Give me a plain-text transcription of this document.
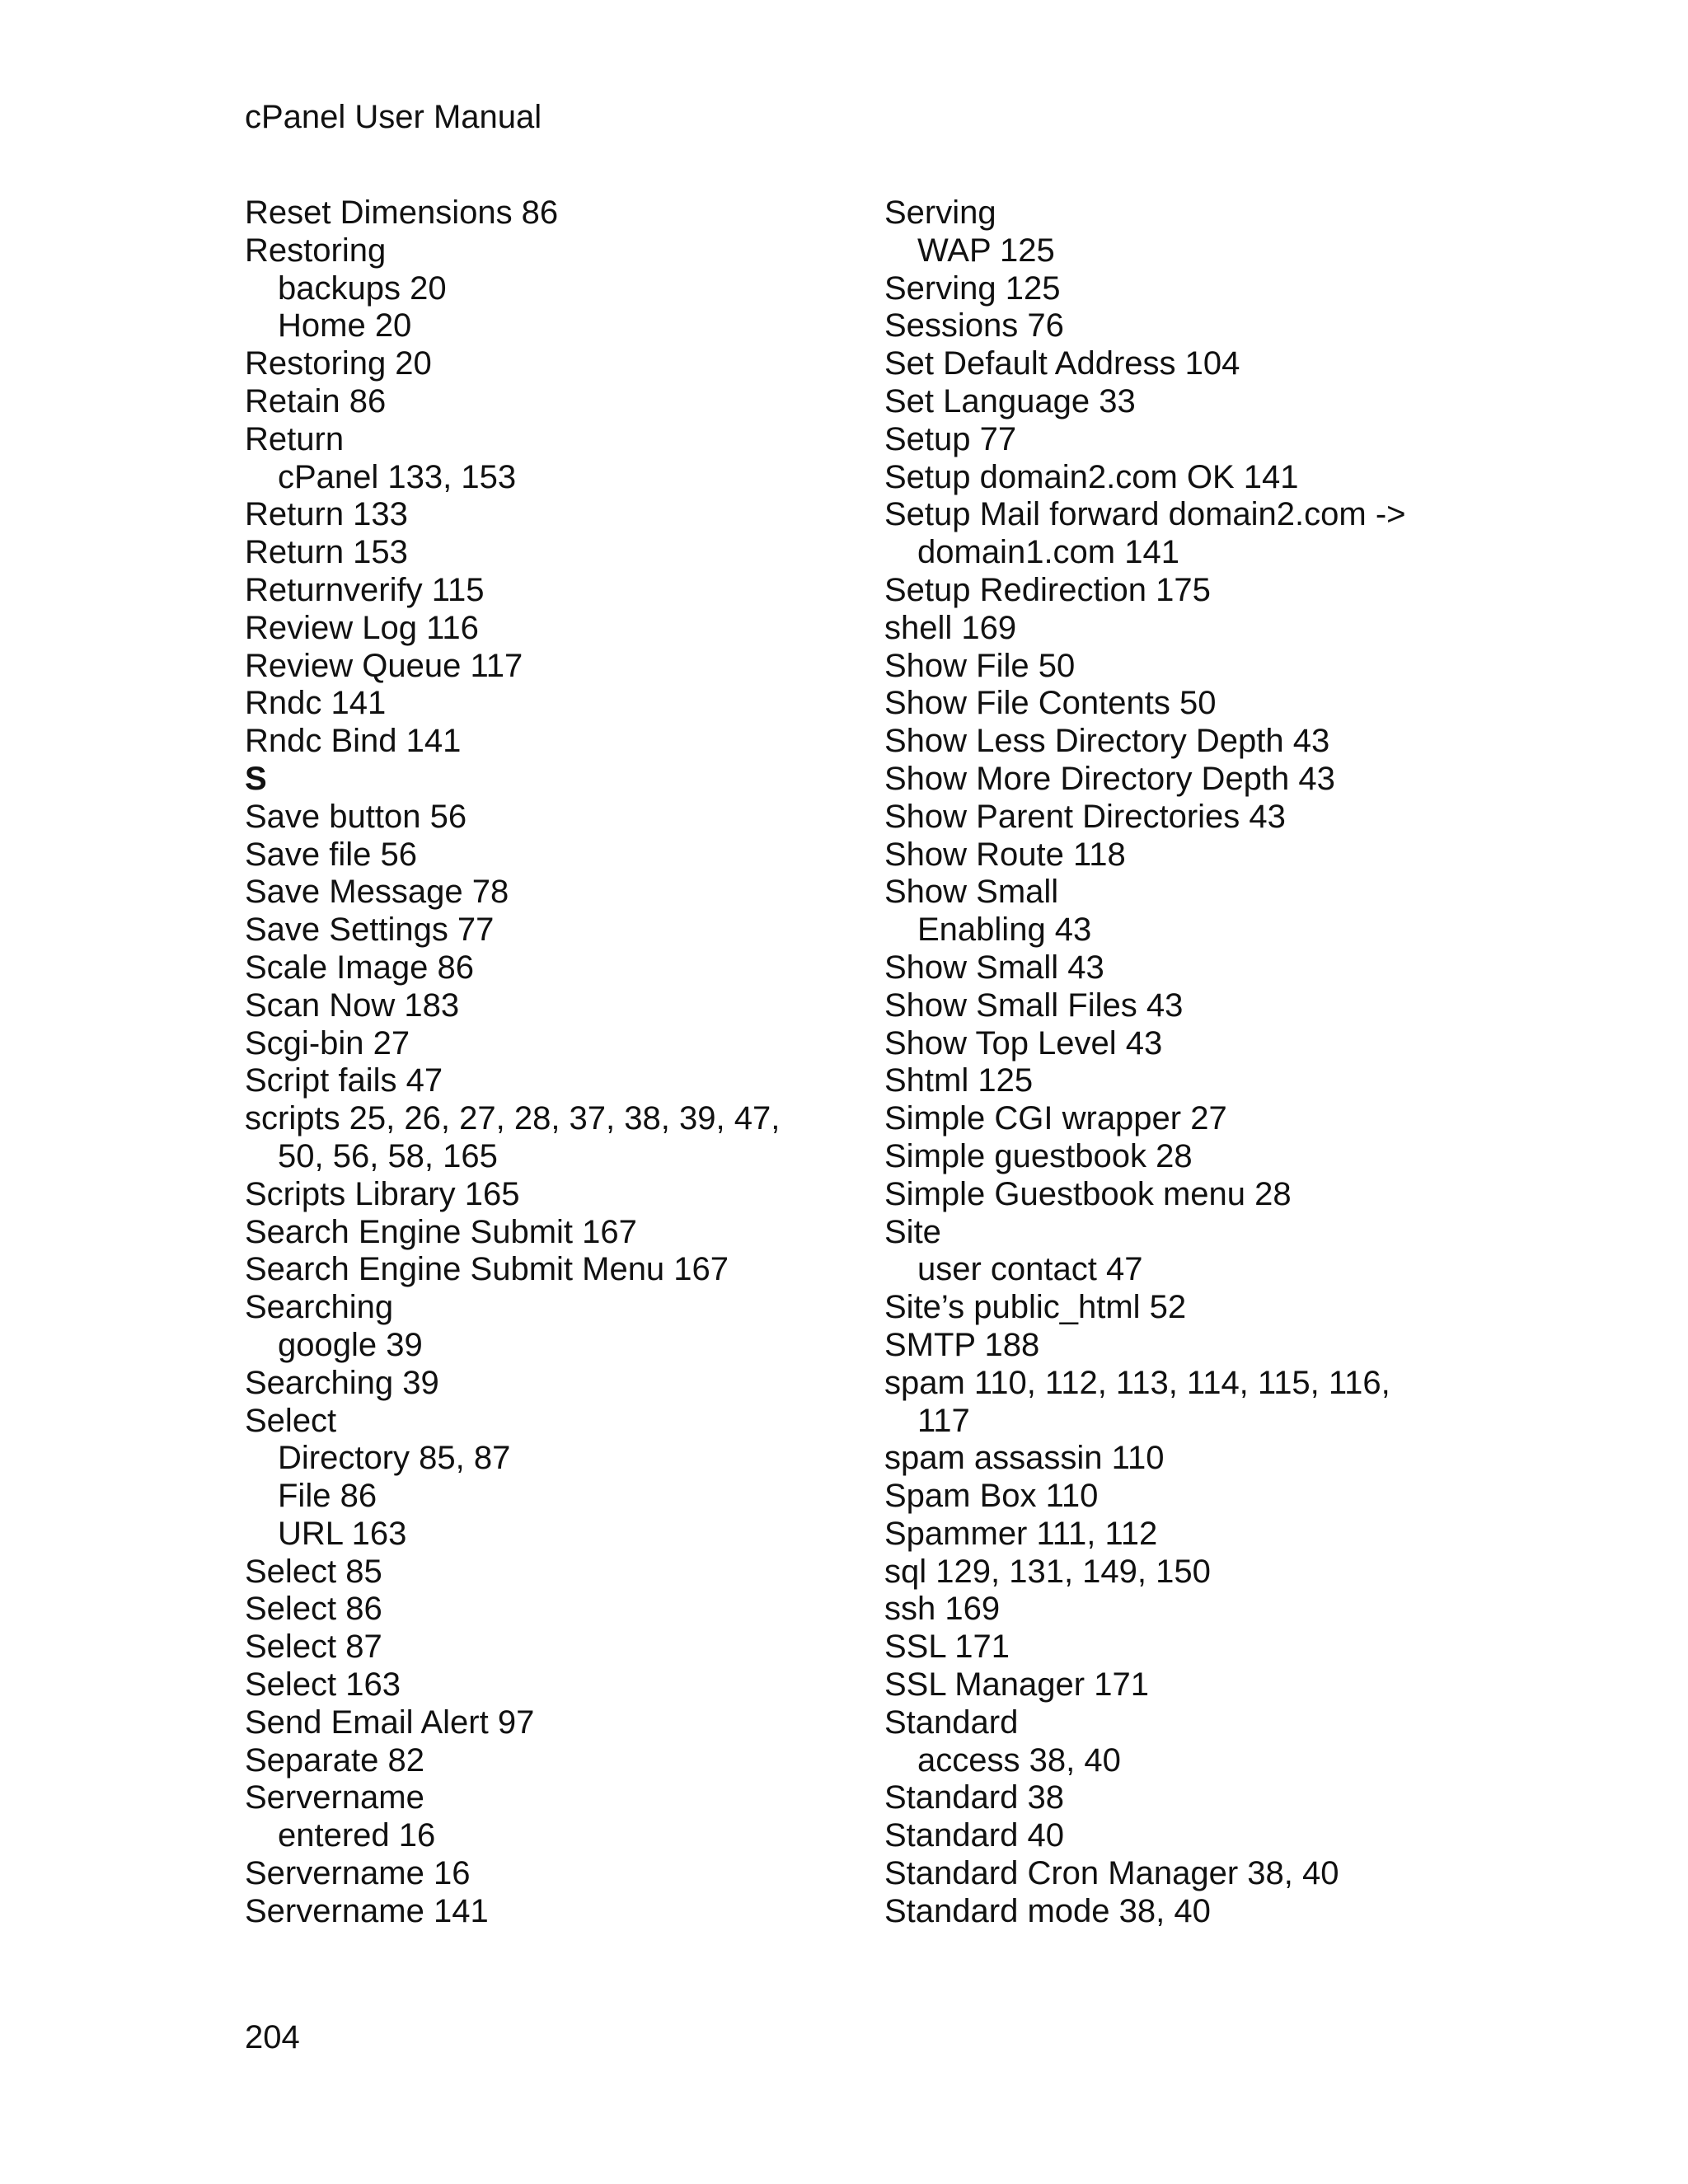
cPanel User Manual
Reset Dimensions 86
Restoring
backups 20
Home 20
Restoring 20
Retain 86
Return
cPanel 133, 153
Return 133
Return 153
Returnverify 115
Review Log 116
Review Queue 117
Rndc 141
Rndc Bind 141
S
Save button 56
Save file 56
Save Message 78
Save Settings 77
Scale Image 86
Scan Now 183
Scgi-bin 27
Script fails 47
scripts 25, 26, 27, 28, 37, 38, 39, 47,
50, 56, 58, 165
Scripts Library 165
Search Engine Submit 167
Search Engine Submit Menu 167
Searching
google 39
Searching 39
Select
Directory 85, 87
File 86
URL 163
Select 85
Select 86
Select 87
Select 163
Send Email Alert 97
Separate 82
Servername
entered 16
Servername 16
Servername 141
Serving
WAP 125
Serving 125
Sessions 76
Set Default Address 104
Set Language 33
Setup 77
Setup domain2.com OK 141
Setup Mail forward domain2.com ->
domain1.com 141
Setup Redirection 175
shell 169
Show File 50
Show File Contents 50
Show Less Directory Depth 43
Show More Directory Depth 43
Show Parent Directories 43
Show Route 118
Show Small
Enabling 43
Show Small 43
Show Small Files 43
Show Top Level 43
Shtml 125
Simple CGI wrapper 27
Simple guestbook 28
Simple Guestbook menu 28
Site
user contact 47
Site’s public_html 52
SMTP 188
spam 110, 112, 113, 114, 115, 116,
117
spam assassin 110
Spam Box 110
Spammer 111, 112
sql 129, 131, 149, 150
ssh 169
SSL 171
SSL Manager 171
Standard
access 38, 40
Standard 38
Standard 40
Standard Cron Manager 38, 40
Standard mode 38, 40
204
